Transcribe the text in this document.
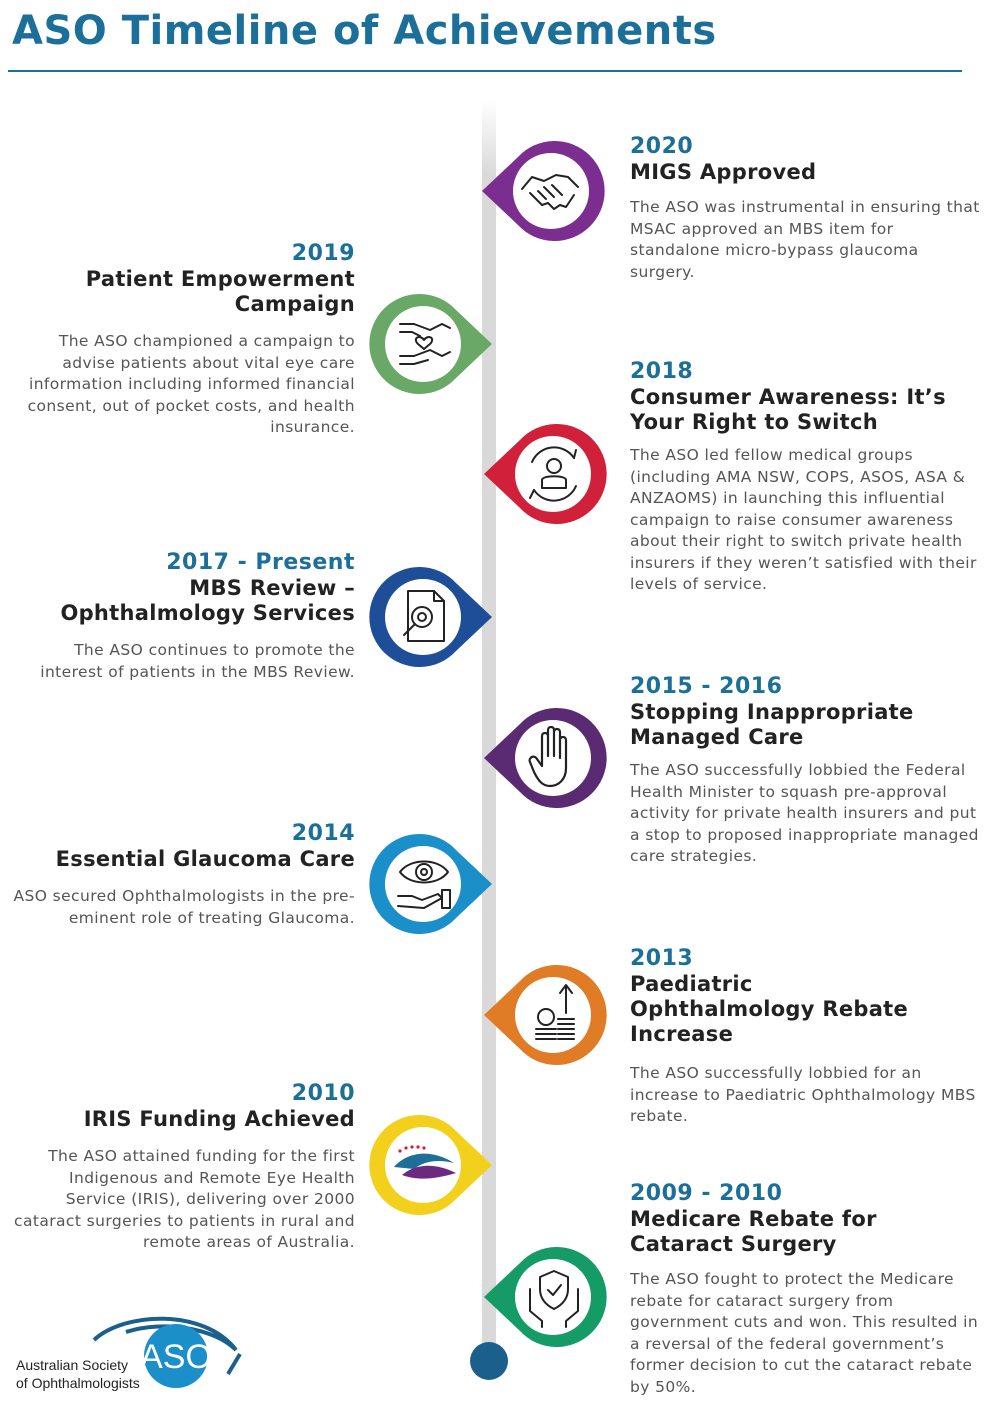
ASO Timeline of Achievements
2020
MIGS Approved
The ASO was instrumental in ensuring that MSAC approved an MBS item for standalone micro-bypass glaucoma surgery.
2019
Patient Empowerment Campaign
The ASO championed a campaign to advise patients about vital eye care information including informed financial consent, out of pocket costs, and health insurance.
2018
Consumer Awareness: It’s Your Right to Switch
The ASO led fellow medical groups (including AMA NSW, COPS, ASOS, ASA & ANZAOMS) in launching this influential campaign to raise consumer awareness about their right to switch private health insurers if they weren’t satisfied with their levels of service.
2017 - Present
MBS Review – Ophthalmology Services
The ASO continues to promote the interest of patients in the MBS Review.
2015 - 2016
Stopping Inappropriate Managed Care
The ASO successfully lobbied the Federal Health Minister to squash pre-approval activity for private health insurers and put a stop to proposed inappropriate managed care strategies.
2014
Essential Glaucoma Care
ASO secured Ophthalmologists in the pre-eminent role of treating Glaucoma.
2013
Paediatric Ophthalmology Rebate Increase
The ASO successfully lobbied for an increase to Paediatric Ophthalmology MBS rebate.
2010
IRIS Funding Achieved
The ASO attained funding for the first Indigenous and Remote Eye Health Service (IRIS), delivering over 2000 cataract surgeries to patients in rural and remote areas of Australia.
2009 - 2010
Medicare Rebate for Cataract Surgery
The ASO fought to protect the Medicare rebate for cataract surgery from government cuts and won. This resulted in a reversal of the federal government’s former decision to cut the cataract rebate by 50%.
ASO
Australian Society
of Ophthalmologists
